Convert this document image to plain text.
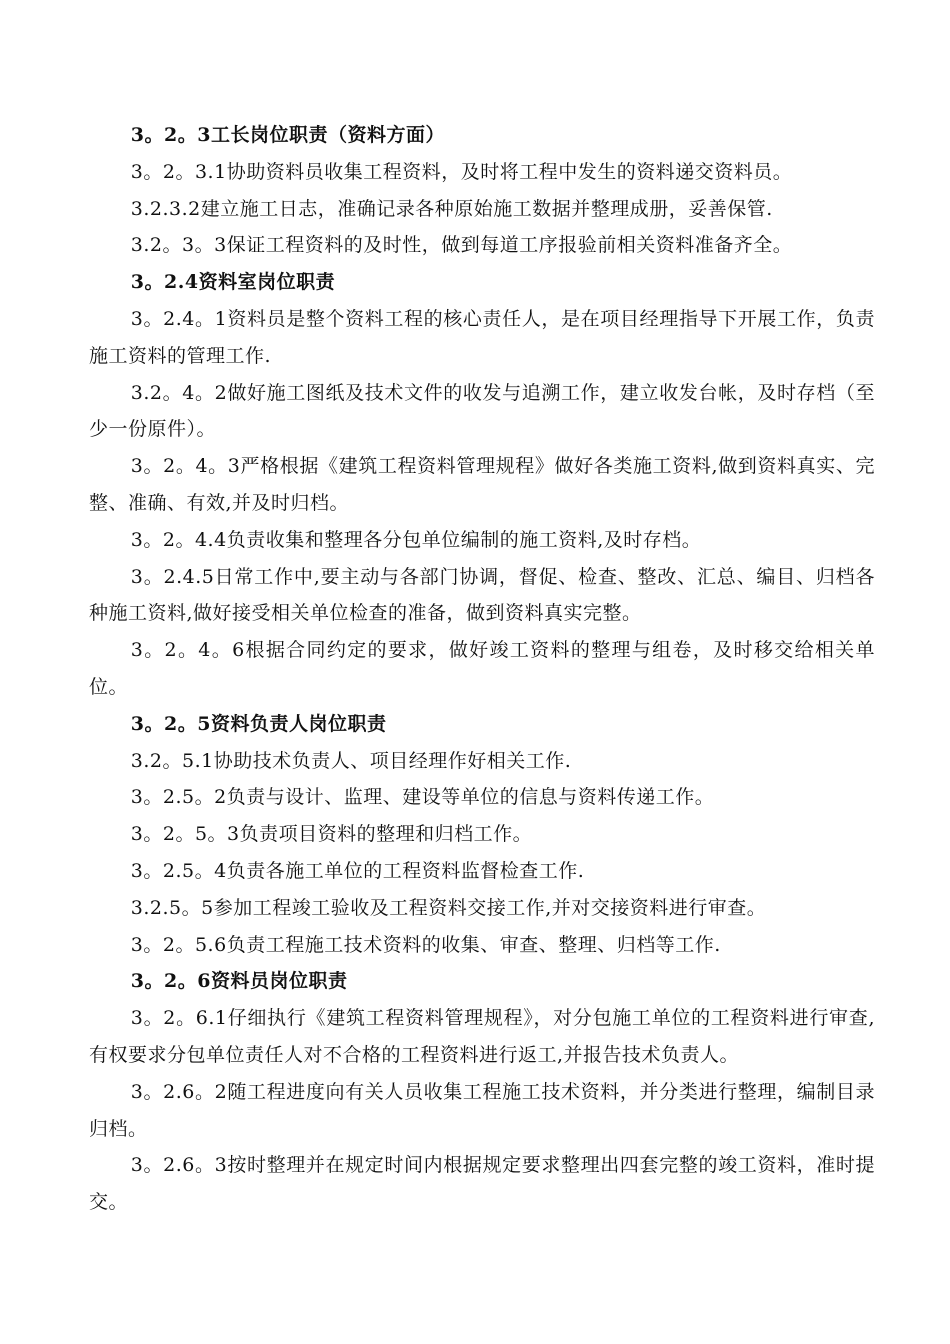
3。2。3工长岗位职责（资料方面）

3。2。3.1协助资料员收集工程资料，及时将工程中发生的资料递交资料员。

3.2.3.2建立施工日志，准确记录各种原始施工数据并整理成册，妥善保管.

3.2。3。3保证工程资料的及时性，做到每道工序报验前相关资料准备齐全。

3。2.4资料室岗位职责

3。2.4。1资料员是整个资料工程的核心责任人，是在项目经理指导下开展工作，负责施工资料的管理工作.

3.2。4。2做好施工图纸及技术文件的收发与追溯工作，建立收发台帐，及时存档（至少一份原件）。

3。2。4。3严格根据《建筑工程资料管理规程》做好各类施工资料,做到资料真实、完整、准确、有效,并及时归档。

3。2。4.4负责收集和整理各分包单位编制的施工资料,及时存档。

3。2.4.5日常工作中,要主动与各部门协调，督促、检查、整改、汇总、编目、归档各种施工资料,做好接受相关单位检查的准备，做到资料真实完整。

3。2。4。6根据合同约定的要求，做好竣工资料的整理与组卷，及时移交给相关单位。

3。2。5资料负责人岗位职责

3.2。5.1协助技术负责人、项目经理作好相关工作.

3。2.5。2负责与设计、监理、建设等单位的信息与资料传递工作。

3。2。5。3负责项目资料的整理和归档工作。

3。2.5。4负责各施工单位的工程资料监督检查工作.

3.2.5。5参加工程竣工验收及工程资料交接工作,并对交接资料进行审查。

3。2。5.6负责工程施工技术资料的收集、审查、整理、归档等工作.

3。2。6资料员岗位职责

3。2。6.1仔细执行《建筑工程资料管理规程》，对分包施工单位的工程资料进行审查,有权要求分包单位责任人对不合格的工程资料进行返工,并报告技术负责人。

3。2.6。2随工程进度向有关人员收集工程施工技术资料，并分类进行整理，编制目录归档。

3。2.6。3按时整理并在规定时间内根据规定要求整理出四套完整的竣工资料，准时提交。
